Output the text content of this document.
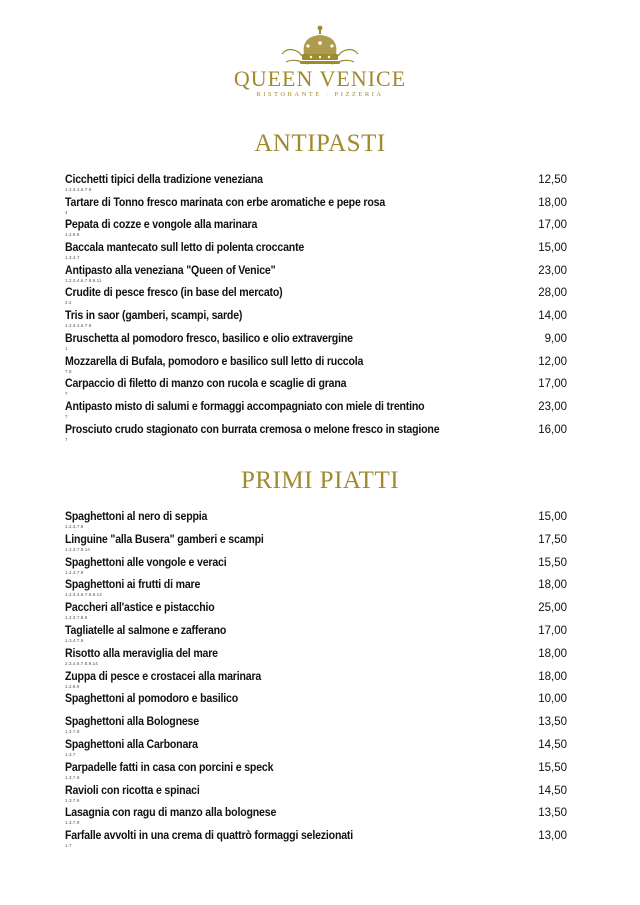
QUEEN VENICE
RISTORANTE · PIZZERIA
ANTIPASTI
Cicchetti tipici della tradizione veneziana	12,50
1.2.3.4.6.7.8
Tartare di Tonno fresco marinata con erbe aromatiche e pepe rosa	18,00
4
Pepata di cozze e vongole alla marinara	17,00
1.2.8.9
Baccala mantecato sull letto di polenta croccante	15,00
1.3.4.7
Antipasto alla veneziana "Queen of Venice"	23,00
1.2.3.4.6.7.8.9.11
Crudite di pesce fresco (in base del mercato)	28,00
2.4
Tris in saor (gamberi, scampi, sarde)	14,00
1.2.3.4.6.7.8
Bruschetta al pomodoro fresco, basilico e olio extravergine	9,00
1
Mozzarella di Bufala, pomodoro e basilico sull letto di ruccola	12,00
7.8
Carpaccio di filetto di manzo con rucola e scaglie di grana	17,00
7
Antipasto misto di salumi e formaggi accompagniato con miele di trentino	23,00
7
Prosciuto crudo stagionato con burrata cremosa o melone fresco in stagione	16,00
7
PRIMI PIATTI
Spaghettoni al nero di seppia	15,00
1.2.3.7.9
Linguine "alla Busera" gamberi e scampi	17,50
1.2.3.7.9.14
Spaghettoni alle vongole e veraci	15,50
1.2.3.7.9
Spaghettoni ai frutti di mare	18,00
1.2.3.4.6.7.8.9.14
Paccheri all'astice e pistacchio	25,00
1.2.3.7.8.9
Tagliatelle al salmone e zafferano	17,00
1.3.4.7.9
Risotto alla meraviglia del mare	18,00
2.3.4.6.7.8.9.14
Zuppa di pesce e crostacei alla marinara	18,00
1.2.8.9
Spaghettoni al pomodoro e basilico	10,00
Spaghettoni alla Bolognese	13,50
1.3.7.9
Spaghettoni alla Carbonara	14,50
1.3.7
Parpadelle fatti in casa con porcini e speck	15,50
1.3.7.9
Ravioli con ricotta e spinaci	14,50
1.3.7.9
Lasagnia con ragu di manzo alla bolognese	13,50
1.3.7.9
Farfalle avvolti in una crema di quattrò formaggi selezionati	13,00
1.7
